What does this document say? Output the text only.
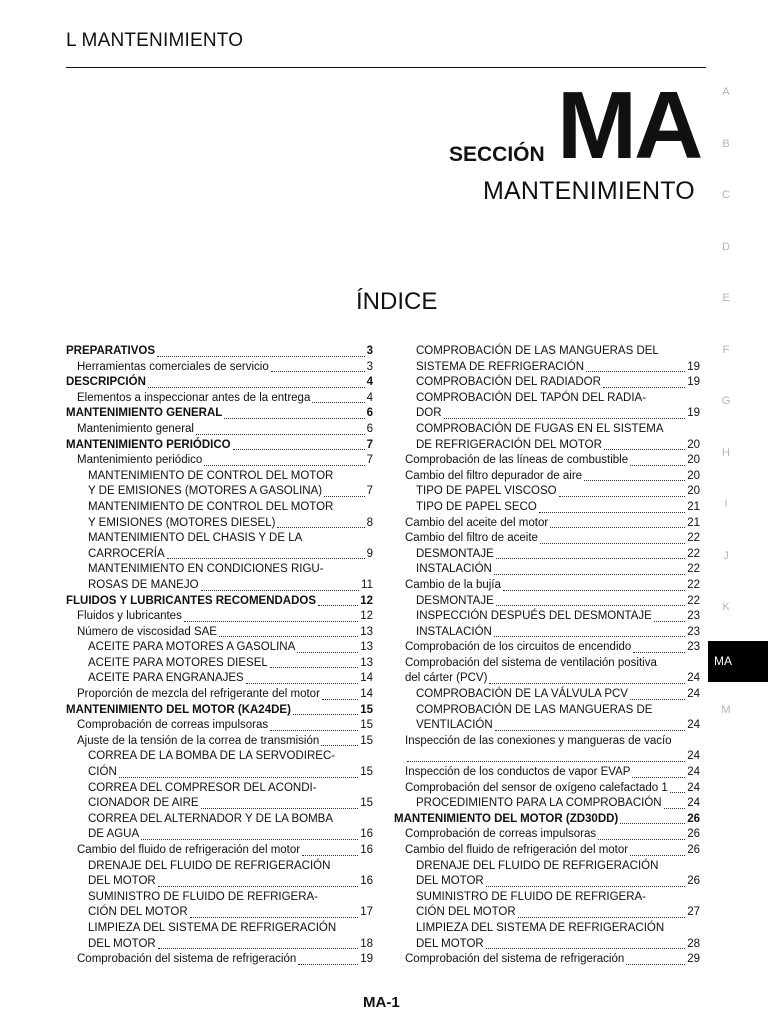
L MANTENIMIENTO
SECCIÓN MA
MANTENIMIENTO
ÍNDICE
A
B
C
D
E
F
G
H
I
J
K
MA
M
PREPARATIVOS	3
Herramientas comerciales de servicio	3
DESCRIPCIÓN	4
Elementos a inspeccionar antes de la entrega	4
MANTENIMIENTO GENERAL	6
Mantenimiento general	6
MANTENIMIENTO PERIÓDICO	7
Mantenimiento periódico	7
MANTENIMIENTO DE CONTROL DEL MOTOR
Y DE EMISIONES (MOTORES A GASOLINA)	7
MANTENIMIENTO DE CONTROL DEL MOTOR
Y EMISIONES (MOTORES DIESEL)	8
MANTENIMIENTO DEL CHASIS Y DE LA
CARROCERÍA	9
MANTENIMIENTO EN CONDICIONES RIGU-
ROSAS DE MANEJO	11
FLUIDOS Y LUBRICANTES RECOMENDADOS	12
Fluidos y lubricantes	12
Número de viscosidad SAE	13
ACEITE PARA MOTORES A GASOLINA	13
ACEITE PARA MOTORES DIESEL	13
ACEITE PARA ENGRANAJES	14
Proporción de mezcla del refrigerante del motor	14
MANTENIMIENTO DEL MOTOR (KA24DE)	15
Comprobación de correas impulsoras	15
Ajuste de la tensión de la correa de transmisión	15
CORREA DE LA BOMBA DE LA SERVODIREC-
CIÓN	15
CORREA DEL COMPRESOR DEL ACONDI-
CIONADOR DE AIRE	15
CORREA DEL ALTERNADOR Y DE LA BOMBA
DE AGUA	16
Cambio del fluido de refrigeración del motor	16
DRENAJE DEL FLUIDO DE REFRIGERACIÓN
DEL MOTOR	16
SUMINISTRO DE FLUIDO DE REFRIGERA-
CIÓN DEL MOTOR	17
LIMPIEZA DEL SISTEMA DE REFRIGERACIÓN
DEL MOTOR	18
Comprobación del sistema de refrigeración	19
COMPROBACIÓN DE LAS MANGUERAS DEL
SISTEMA DE REFRIGERACIÓN	19
COMPROBACIÓN DEL RADIADOR	19
COMPROBACIÓN DEL TAPÓN DEL RADIA-
DOR	19
COMPROBACIÓN DE FUGAS EN EL SISTEMA
DE REFRIGERACIÓN DEL MOTOR	20
Comprobación de las líneas de combustible	20
Cambio del filtro depurador de aire	20
TIPO DE PAPEL VISCOSO	20
TIPO DE PAPEL SECO	21
Cambio del aceite del motor	21
Cambio del filtro de aceite	22
DESMONTAJE	22
INSTALACIÓN	22
Cambio de la bujía	22
DESMONTAJE	22
INSPECCIÓN DESPUÉS DEL DESMONTAJE	23
INSTALACIÓN	23
Comprobación de los circuitos de encendido	23
Comprobación del sistema de ventilación positiva
del cárter (PCV)	24
COMPROBACIÓN DE LA VÁLVULA PCV	24
COMPROBACIÓN DE LAS MANGUERAS DE
VENTILACIÓN	24
Inspección de las conexiones y mangueras de vacío
24
Inspección de los conductos de vapor EVAP	24
Comprobación del sensor de oxígeno calefactado 1 24
PROCEDIMIENTO PARA LA COMPROBACIÓN 24
MANTENIMIENTO DEL MOTOR (ZD30DD)	26
Comprobación de correas impulsoras	26
Cambio del fluido de refrigeración del motor	26
DRENAJE DEL FLUIDO DE REFRIGERACIÓN
DEL MOTOR	26
SUMINISTRO DE FLUIDO DE REFRIGERA-
CIÓN DEL MOTOR	27
LIMPIEZA DEL SISTEMA DE REFRIGERACIÓN
DEL MOTOR	28
Comprobación del sistema de refrigeración	29
MA-1
